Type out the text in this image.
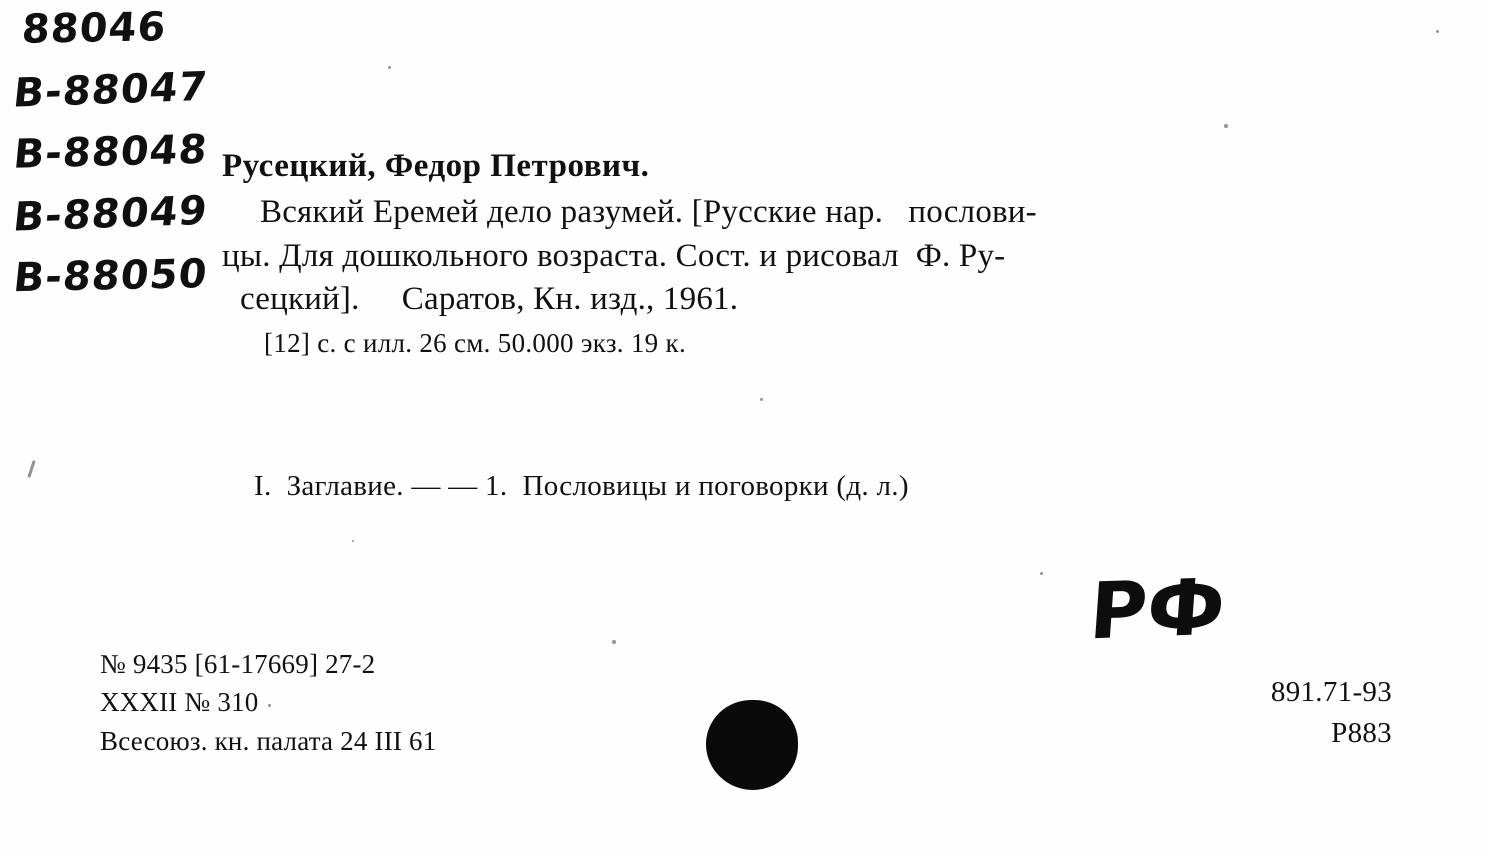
88046
В-88047
В-88048
В-88049
В-88050
Русецкий, Федор Петрович.
Всякий Еремей дело разумей. [Русские нар.   послови-
цы. Для дошкольного возраста. Сост. и рисовал  Ф. Ру-
сецкий].     Саратов, Кн. изд., 1961.
[12] с. с илл. 26 см. 50.000 экз. 19 к.
I.  Заглавие. — — 1.  Пословицы и поговорки (д. л.)
№ 9435 [61-17669] 27-2
XXXII № 310
Всесоюз. кн. палата 24 III 61
891.71-93
Р883
РФ
